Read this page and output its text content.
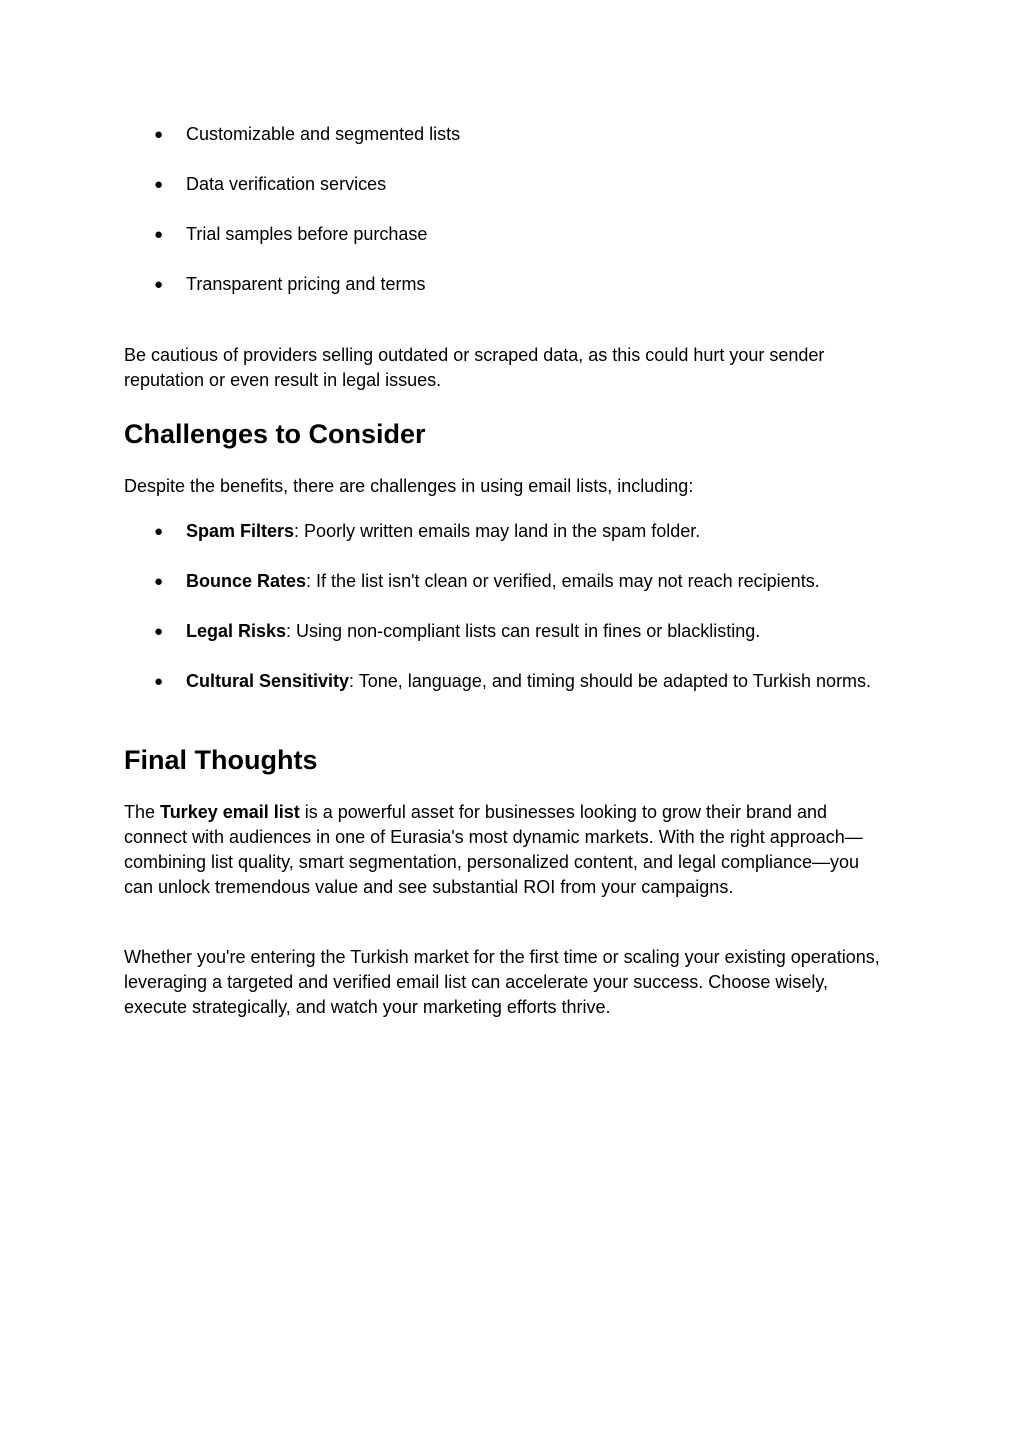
● Customizable and segmented lists
● Data verification services
● Trial samples before purchase
● Transparent pricing and terms

Be cautious of providers selling outdated or scraped data, as this could hurt your sender reputation or even result in legal issues.

Challenges to Consider

Despite the benefits, there are challenges in using email lists, including:

● Spam Filters: Poorly written emails may land in the spam folder.
● Bounce Rates: If the list isn't clean or verified, emails may not reach recipients.
● Legal Risks: Using non-compliant lists can result in fines or blacklisting.
● Cultural Sensitivity: Tone, language, and timing should be adapted to Turkish norms.
Final Thoughts

The Turkey email list is a powerful asset for businesses looking to grow their brand and connect with audiences in one of Eurasia's most dynamic markets. With the right approach—combining list quality, smart segmentation, personalized content, and legal compliance—you can unlock tremendous value and see substantial ROI from your campaigns.

Whether you're entering the Turkish market for the first time or scaling your existing operations, leveraging a targeted and verified email list can accelerate your success. Choose wisely, execute strategically, and watch your marketing efforts thrive.
